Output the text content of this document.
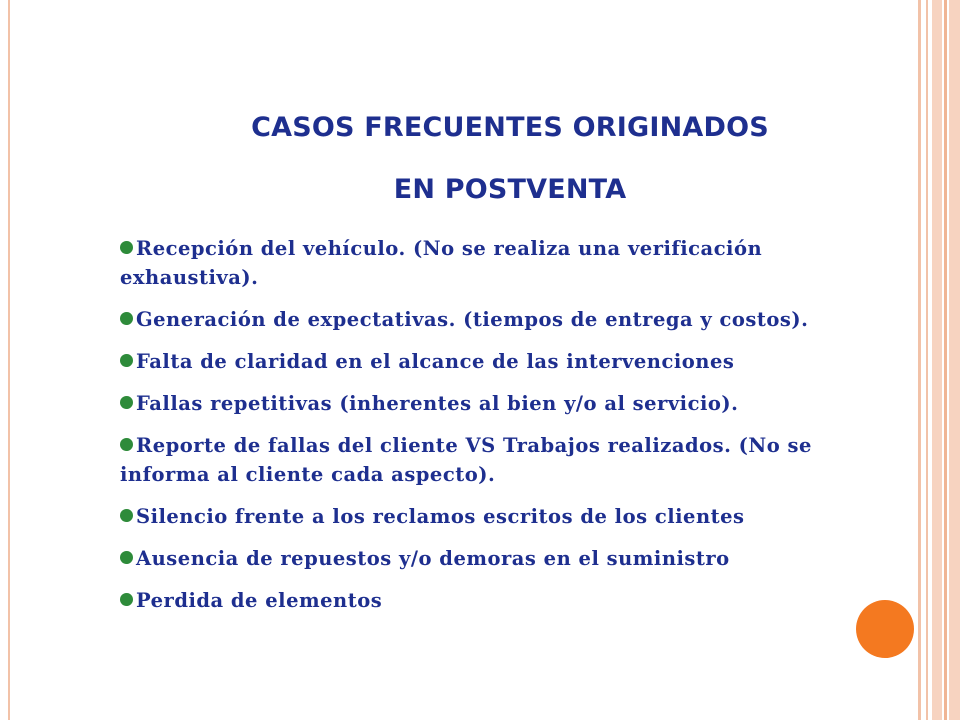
CASOS FRECUENTES ORIGINADOS
EN POSTVENTA
Recepción del vehículo. (No se realiza una verificación exhaustiva).
Generación de expectativas. (tiempos de entrega y costos).
Falta de claridad en el alcance de las intervenciones
Fallas repetitivas (inherentes al bien y/o al servicio).
Reporte de fallas del cliente VS Trabajos realizados. (No se informa al cliente cada aspecto).
Silencio frente a los reclamos escritos de los clientes
Ausencia de repuestos y/o demoras en el suministro
Perdida de elementos
